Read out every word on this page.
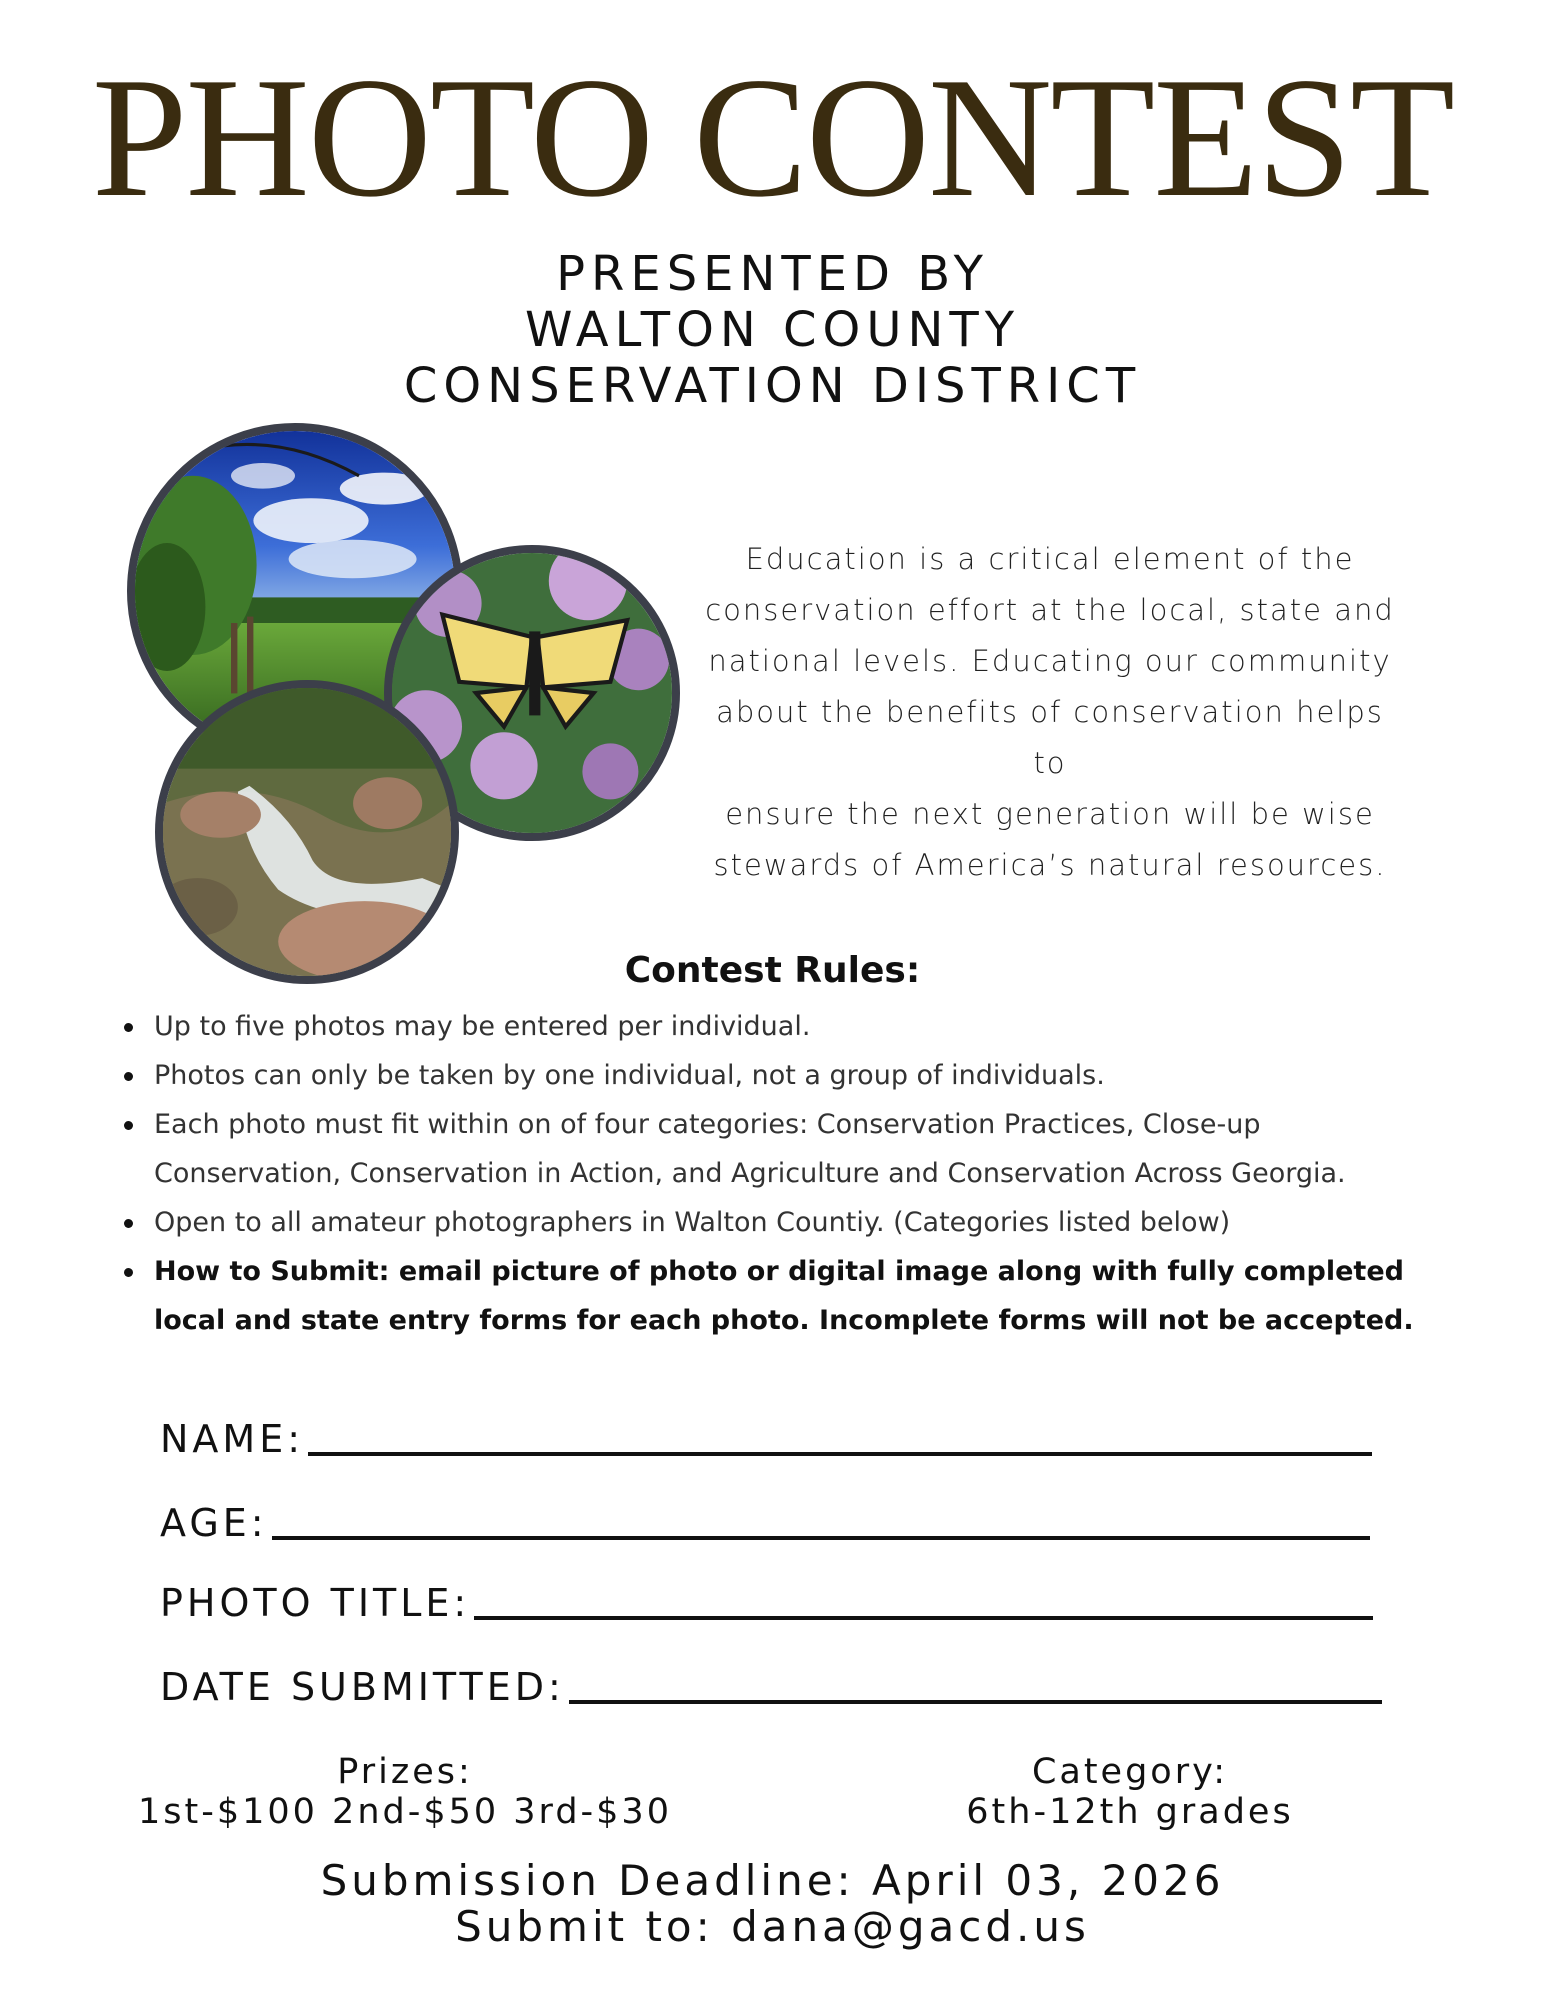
PHOTO CONTEST
PRESENTED BY
WALTON COUNTY
CONSERVATION DISTRICT

Education is a critical element of the
conservation effort at the local, state and
national levels. Educating our community
about the benefits of conservation helps to
ensure the next generation will be wise
stewards of America’s natural resources.

Contest Rules:
Up to five photos may be entered per individual.
Photos can only be taken by one individual, not a group of individuals.
Each photo must fit within on of four categories: Conservation Practices, Close-up Conservation, Conservation in Action, and Agriculture and Conservation Across Georgia.
Open to all amateur photographers in Walton Countiy. (Categories listed below)
How to Submit: email picture of photo or digital image along with fully completed local and state entry forms for each photo. Incomplete forms will not be accepted.
NAME:
AGE:
PHOTO TITLE:
DATE SUBMITTED:
Prizes:
1st-$100 2nd-$50 3rd-$30
Category:
6th-12th grades
Submission Deadline: April 03, 2026
Submit to: dana@gacd.us
